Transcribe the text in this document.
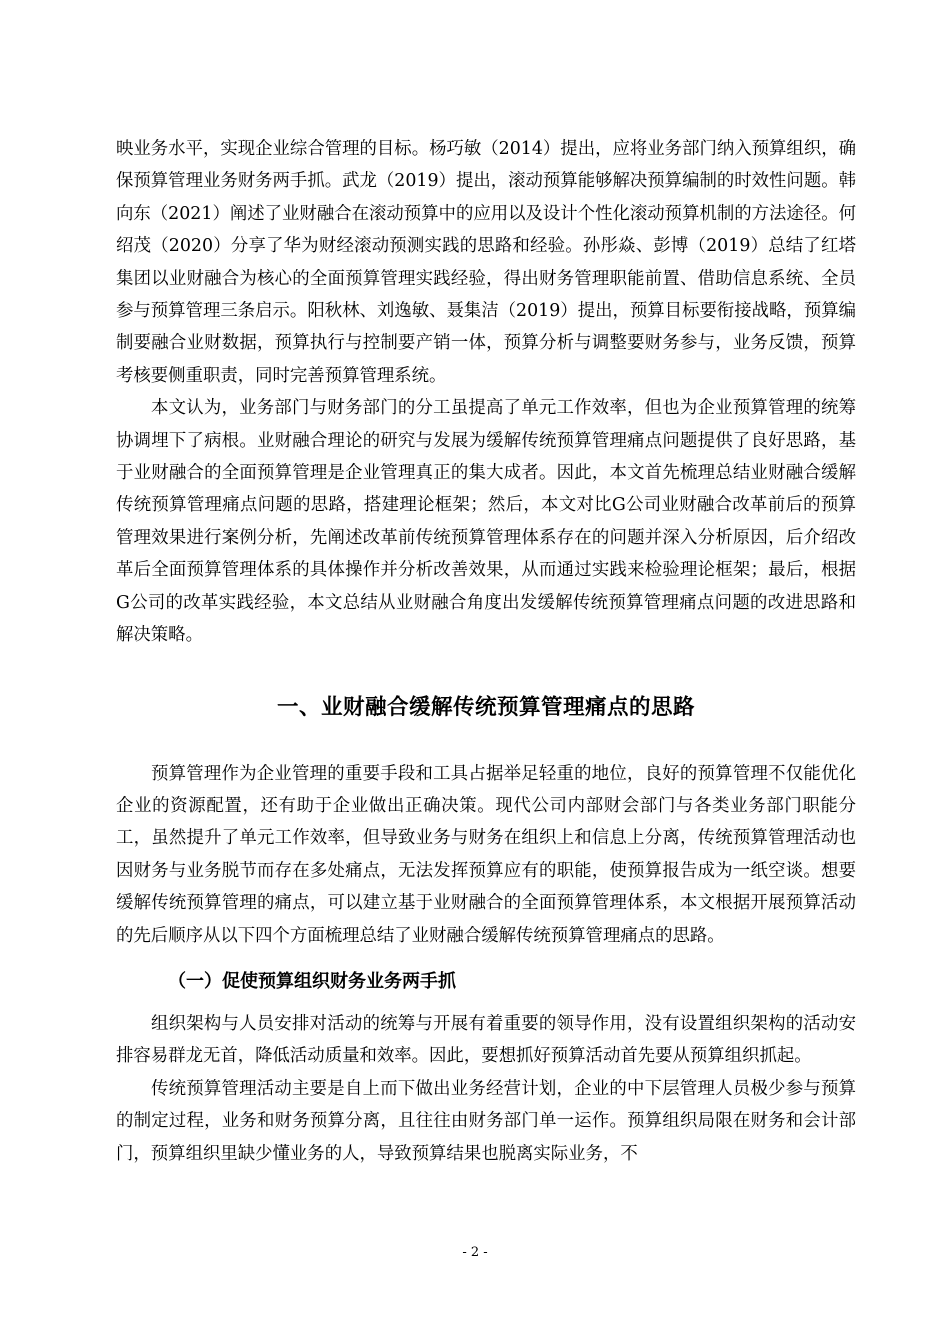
映业务水平，实现企业综合管理的目标。杨巧敏（2014）提出，应将业务部门纳入预算组织，确保预算管理业务财务两手抓。武龙（2019）提出，滚动预算能够解决预算编制的时效性问题。韩向东（2021）阐述了业财融合在滚动预算中的应用以及设计个性化滚动预算机制的方法途径。何绍茂（2020）分享了华为财经滚动预测实践的思路和经验。孙彤焱、彭博（2019）总结了红塔集团以业财融合为核心的全面预算管理实践经验，得出财务管理职能前置、借助信息系统、全员参与预算管理三条启示。阳秋林、刘逸敏、聂集洁（2019）提出，预算目标要衔接战略，预算编制要融合业财数据，预算执行与控制要产销一体，预算分析与调整要财务参与，业务反馈，预算考核要侧重职责，同时完善预算管理系统。

本文认为，业务部门与财务部门的分工虽提高了单元工作效率，但也为企业预算管理的统筹协调埋下了病根。业财融合理论的研究与发展为缓解传统预算管理痛点问题提供了良好思路，基于业财融合的全面预算管理是企业管理真正的集大成者。因此，本文首先梳理总结业财融合缓解传统预算管理痛点问题的思路，搭建理论框架；然后，本文对比G公司业财融合改革前后的预算管理效果进行案例分析，先阐述改革前传统预算管理体系存在的问题并深入分析原因，后介绍改革后全面预算管理体系的具体操作并分析改善效果，从而通过实践来检验理论框架；最后，根据G公司的改革实践经验，本文总结从业财融合角度出发缓解传统预算管理痛点问题的改进思路和解决策略。

一、业财融合缓解传统预算管理痛点的思路

预算管理作为企业管理的重要手段和工具占据举足轻重的地位，良好的预算管理不仅能优化企业的资源配置，还有助于企业做出正确决策。现代公司内部财会部门与各类业务部门职能分工，虽然提升了单元工作效率，但导致业务与财务在组织上和信息上分离，传统预算管理活动也因财务与业务脱节而存在多处痛点，无法发挥预算应有的职能，使预算报告成为一纸空谈。想要缓解传统预算管理的痛点，可以建立基于业财融合的全面预算管理体系，本文根据开展预算活动的先后顺序从以下四个方面梳理总结了业财融合缓解传统预算管理痛点的思路。

（一）促使预算组织财务业务两手抓

组织架构与人员安排对活动的统筹与开展有着重要的领导作用，没有设置组织架构的活动安排容易群龙无首，降低活动质量和效率。因此，要想抓好预算活动首先要从预算组织抓起。

传统预算管理活动主要是自上而下做出业务经营计划，企业的中下层管理人员极少参与预算的制定过程，业务和财务预算分离，且往往由财务部门单一运作。预算组织局限在财务和会计部门，预算组织里缺少懂业务的人，导致预算结果也脱离实际业务，不

- 2 -
